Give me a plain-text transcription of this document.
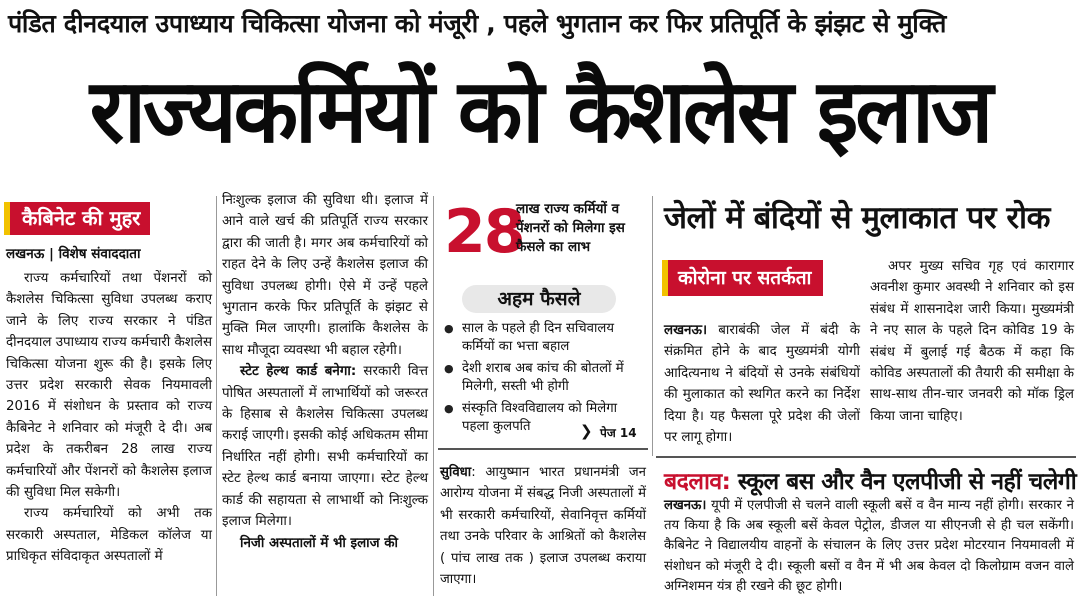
पंडित दीनदयाल उपाध्याय चिकित्सा योजना को मंजूरी , पहले भुगतान कर फिर प्रतिपूर्ति के झंझट से मुक्ति
राज्यकर्मियों को कैशलेस इलाज
कैबिनेट की मुहर
लखनऊ | विशेष संवाददाता

राज्य कर्मचारियों तथा पेंशनरों को कैशलेस चिकित्सा सुविधा उपलब्ध कराए जाने के लिए राज्य सरकार ने पंडित दीनदयाल उपाध्याय राज्य कर्मचारी कैशलेस चिकित्सा योजना शुरू की है। इसके लिए उत्तर प्रदेश सरकारी सेवक नियमावली 2016 में संशोधन के प्रस्ताव को राज्य कैबिनेट ने शनिवार को मंजूरी दे दी। अब प्रदेश के तकरीबन 28 लाख राज्य कर्मचारियों और पेंशनरों को कैशलेस इलाज की सुविधा मिल सकेगी।

राज्य कर्मचारियों को अभी तक सरकारी अस्पताल, मेडिकल कॉलेज या प्राधिकृत संविदाकृत अस्पतालों में

निःशुल्क इलाज की सुविधा थी। इलाज में आने वाले खर्च की प्रतिपूर्ति राज्य सरकार द्वारा की जाती है। मगर अब कर्मचारियों को राहत देने के लिए उन्हें कैशलेस इलाज की सुविधा उपलब्ध होगी। ऐसे में उन्हें पहले भुगतान करके फिर प्रतिपूर्ति के झंझट से मुक्ति मिल जाएगी। हालांकि कैशलेस के साथ मौजूदा व्यवस्था भी बहाल रहेगी।

स्टेट हेल्थ कार्ड बनेगा: सरकारी वित्त पोषित अस्पतालों में लाभार्थियों को जरूरत के हिसाब से कैशलेस चिकित्सा उपलब्ध कराई जाएगी। इसकी कोई अधिकतम सीमा निर्धारित नहीं होगी। सभी कर्मचारियों का स्टेट हेल्थ कार्ड बनाया जाएगा। स्टेट हेल्थ कार्ड की सहायता से लाभार्थी को निःशुल्क इलाज मिलेगा।

निजी अस्पतालों में भी इलाज की

28
लाख राज्य कर्मियों व पेंशनरों को मिलेगा इस फैसले का लाभ
अहम फैसले
● साल के पहले ही दिन सचिवालय कर्मियों का भत्ता बहाल
● देशी शराब अब कांच की बोतलों में मिलेगी, सस्ती भी होगी
● संस्कृति विश्वविद्यालय को मिलेगा पहला कुलपति	❯ पेज 14

सुविधा: आयुष्मान भारत प्रधानमंत्री जन आरोग्य योजना में संबद्ध निजी अस्पतालों में भी सरकारी कर्मचारियों, सेवानिवृत्त कर्मियों तथा उनके परिवार के आश्रितों को कैशलेस ( पांच लाख तक ) इलाज उपलब्ध कराया जाएगा।

जेलों में बंदियों से मुलाकात पर रोक
कोरोना पर सतर्कता

लखनऊ। बाराबंकी जेल में बंदी के संक्रमित होने के बाद मुख्यमंत्री योगी आदित्यनाथ ने बंदियों से उनके संबंधियों की मुलाकात को स्थगित करने का निर्देश दिया है। यह फैसला पूरे प्रदेश की जेलों पर लागू होगा।

अपर मुख्य सचिव गृह एवं कारागार अवनीश कुमार अवस्थी ने शनिवार को इस संबंध में शासनादेश जारी किया। मुख्यमंत्री ने नए साल के पहले दिन कोविड 19 के संबंध में बुलाई गई बैठक में कहा कि कोविड अस्पतालों की तैयारी की समीक्षा के साथ-साथ तीन-चार जनवरी को मॉक ड्रिल किया जाना चाहिए।

बदलाव: स्कूल बस और वैन एलपीजी से नहीं चलेगी

लखनऊ। यूपी में एलपीजी से चलने वाली स्कूली बसें व वैन मान्य नहीं होगी। सरकार ने तय किया है कि अब स्कूली बसें केवल पेट्रोल, डीजल या सीएनजी से ही चल सकेंगी। कैबिनेट ने विद्यालयीय वाहनों के संचालन के लिए उत्तर प्रदेश मोटरयान नियमावली में संशोधन को मंजूरी दे दी। स्कूली बसों व वैन में भी अब केवल दो किलोग्राम वजन वाले अग्निशमन यंत्र ही रखने की छूट होगी।
